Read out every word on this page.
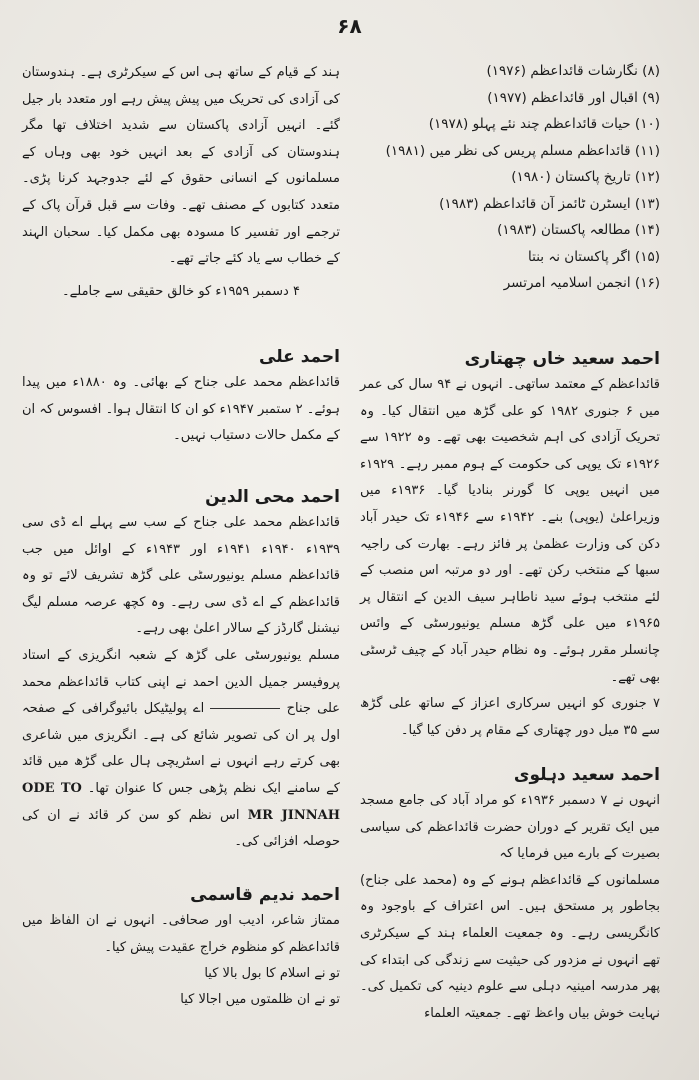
۶۸
(۸) نگارشات قائداعظم (۱۹۷۶)
(۹) اقبال اور قائداعظم (۱۹۷۷)
(۱۰) حیات قائداعظم چند نئے پہلو (۱۹۷۸)
(۱۱) قائداعظم مسلم پریس کی نظر میں (۱۹۸۱)
(۱۲) تاریخ پاکستان (۱۹۸۰)
(۱۳) ایسٹرن ٹائمز آن قائداعظم (۱۹۸۳)
(۱۴) مطالعہ پاکستان (۱۹۸۳)
(۱۵) اگر پاکستان نہ بنتا
(۱۶) انجمن اسلامیہ امرتسر
احمد سعید خاں چھتاری

قائداعظم کے معتمد ساتھی۔ انہوں نے ۹۴ سال کی عمر میں ۶ جنوری ۱۹۸۲ کو علی گڑھ میں انتقال کیا۔ وہ تحریک آزادی کی اہم شخصیت بھی تھے۔ وہ ۱۹۲۲ سے ۱۹۲۶ء تک یوپی کی حکومت کے ہوم ممبر رہے۔ ۱۹۲۹ء میں انہیں یوپی کا گورنر بنادیا گیا۔ ۱۹۳۶ء میں وزیراعلیٰ (یوپی) بنے۔ ۱۹۴۲ء سے ۱۹۴۶ء تک حیدر آباد دکن کی وزارت عظمیٰ پر فائز رہے۔ بھارت کی راجیہ سبھا کے منتخب رکن تھے۔ اور دو مرتبہ اس منصب کے لئے منتخب ہوئے سید ناطاہر سیف الدین کے انتقال پر ۱۹۶۵ء میں علی گڑھ مسلم یونیورسٹی کے وائس چانسلر مقرر ہوئے۔ وہ نظام حیدر آباد کے چیف ٹرسٹی بھی تھے۔

۷ جنوری کو انہیں سرکاری اعزاز کے ساتھ علی گڑھ سے ۳۵ میل دور چھتاری کے مقام پر دفن کیا گیا۔

احمد سعید دہلوی

انہوں نے ۷ دسمبر ۱۹۳۶ء کو مراد آباد کی جامع مسجد میں ایک تقریر کے دوران حضرت قائداعظم کی سیاسی بصیرت کے بارے میں فرمایا کہ

مسلمانوں کے قائداعظم ہونے کے وہ (محمد علی جناح) بجاطور پر مستحق ہیں۔ اس اعتراف کے باوجود وہ کانگریسی رہے۔ وہ جمعیت العلماء ہند کے سیکرٹری تھے انہوں نے مزدور کی حیثیت سے زندگی کی ابتداء کی پھر مدرسہ امینیہ دہلی سے علوم دینیہ کی تکمیل کی۔ نہایت خوش بیاں واعظ تھے۔ جمعیتہ العلماء

ہند کے قیام کے ساتھ ہی اس کے سیکرٹری ہے۔ ہندوستان کی آزادی کی تحریک میں پیش پیش رہے اور متعدد بار جیل گئے۔ انہیں آزادی پاکستان سے شدید اختلاف تھا مگر ہندوستان کی آزادی کے بعد انہیں خود بھی وہاں کے مسلمانوں کے انسانی حقوق کے لئے جدوجہد کرنا پڑی۔ متعدد کتابوں کے مصنف تھے۔ وفات سے قبل قرآن پاک کے ترجمے اور تفسیر کا مسودہ بھی مکمل کیا۔ سحبان الہند کے خطاب سے یاد کئے جاتے تھے۔

۴ دسمبر ۱۹۵۹ء کو خالق حقیقی سے جاملے۔

احمد علی

قائداعظم محمد علی جناح کے بھائی۔ وہ ۱۸۸۰ء میں پیدا ہوئے۔ ۲ ستمبر ۱۹۴۷ء کو ان کا انتقال ہوا۔ افسوس کہ ان کے مکمل حالات دستیاب نہیں۔

احمد محی الدین

قائداعظم محمد علی جناح کے سب سے پہلے اے ڈی سی ۱۹۳۹ء ۱۹۴۰ء ۱۹۴۱ء اور ۱۹۴۳ء کے اوائل میں جب قائداعظم مسلم یونیورسٹی علی گڑھ تشریف لائے تو وہ قائداعظم کے اے ڈی سی رہے۔ وہ کچھ عرصہ مسلم لیگ نیشنل گارڈز کے سالار اعلیٰ بھی رہے۔

مسلم یونیورسٹی علی گڑھ کے شعبہ انگریزی کے استاد پروفیسر جمیل الدین احمد نے اپنی کتاب قائداعظم محمد علی جناح  اے پولیٹیکل بائیوگرافی کے صفحہ اول پر ان کی تصویر شائع کی ہے۔ انگریزی میں شاعری بھی کرتے رہے انہوں نے اسٹریچی ہال علی گڑھ میں قائد کے سامنے ایک نظم پڑھی جس کا عنوان تھا۔ ODE TO MR JINNAH اس نظم کو سن کر قائد نے ان کی حوصلہ افزائی کی۔

احمد ندیم قاسمی

ممتاز شاعر، ادیب اور صحافی۔ انہوں نے ان الفاظ میں قائداعظم کو منظوم خراج عقیدت پیش کیا۔

تو نے اسلام کا بول بالا کیا

تو نے ان ظلمتوں میں اجالا کیا
